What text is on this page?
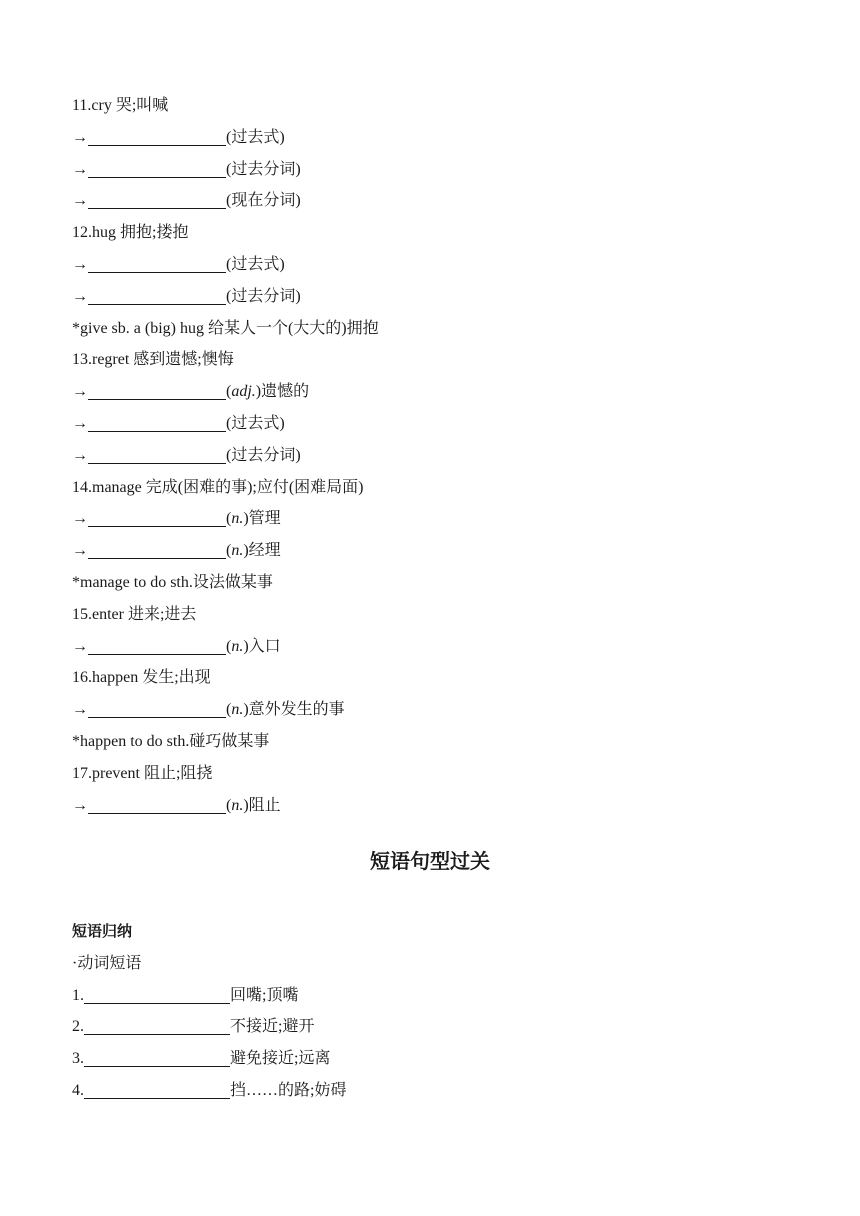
11.cry 哭;叫喊
→	(过去式)
→	(过去分词)
→	(现在分词)
12.hug 拥抱;搂抱
→	(过去式)
→	(过去分词)
*give sb. a (big) hug 给某人一个(大大的)拥抱
13.regret 感到遗憾;懊悔
→	(adj.)遗憾的
→	(过去式)
→	(过去分词)
14.manage 完成(困难的事);应付(困难局面)
→	(n.)管理
→	(n.)经理
*manage to do sth.设法做某事
15.enter 进来;进去
→	(n.)入口
16.happen 发生;出现
→	(n.)意外发生的事
*happen to do sth.碰巧做某事
17.prevent 阻止;阻挠
→	(n.)阻止
短语句型过关
短语归纳
·动词短语
1.	回嘴;顶嘴
2.	不接近;避开
3.	避免接近;远离
4.	挡……的路;妨碍
